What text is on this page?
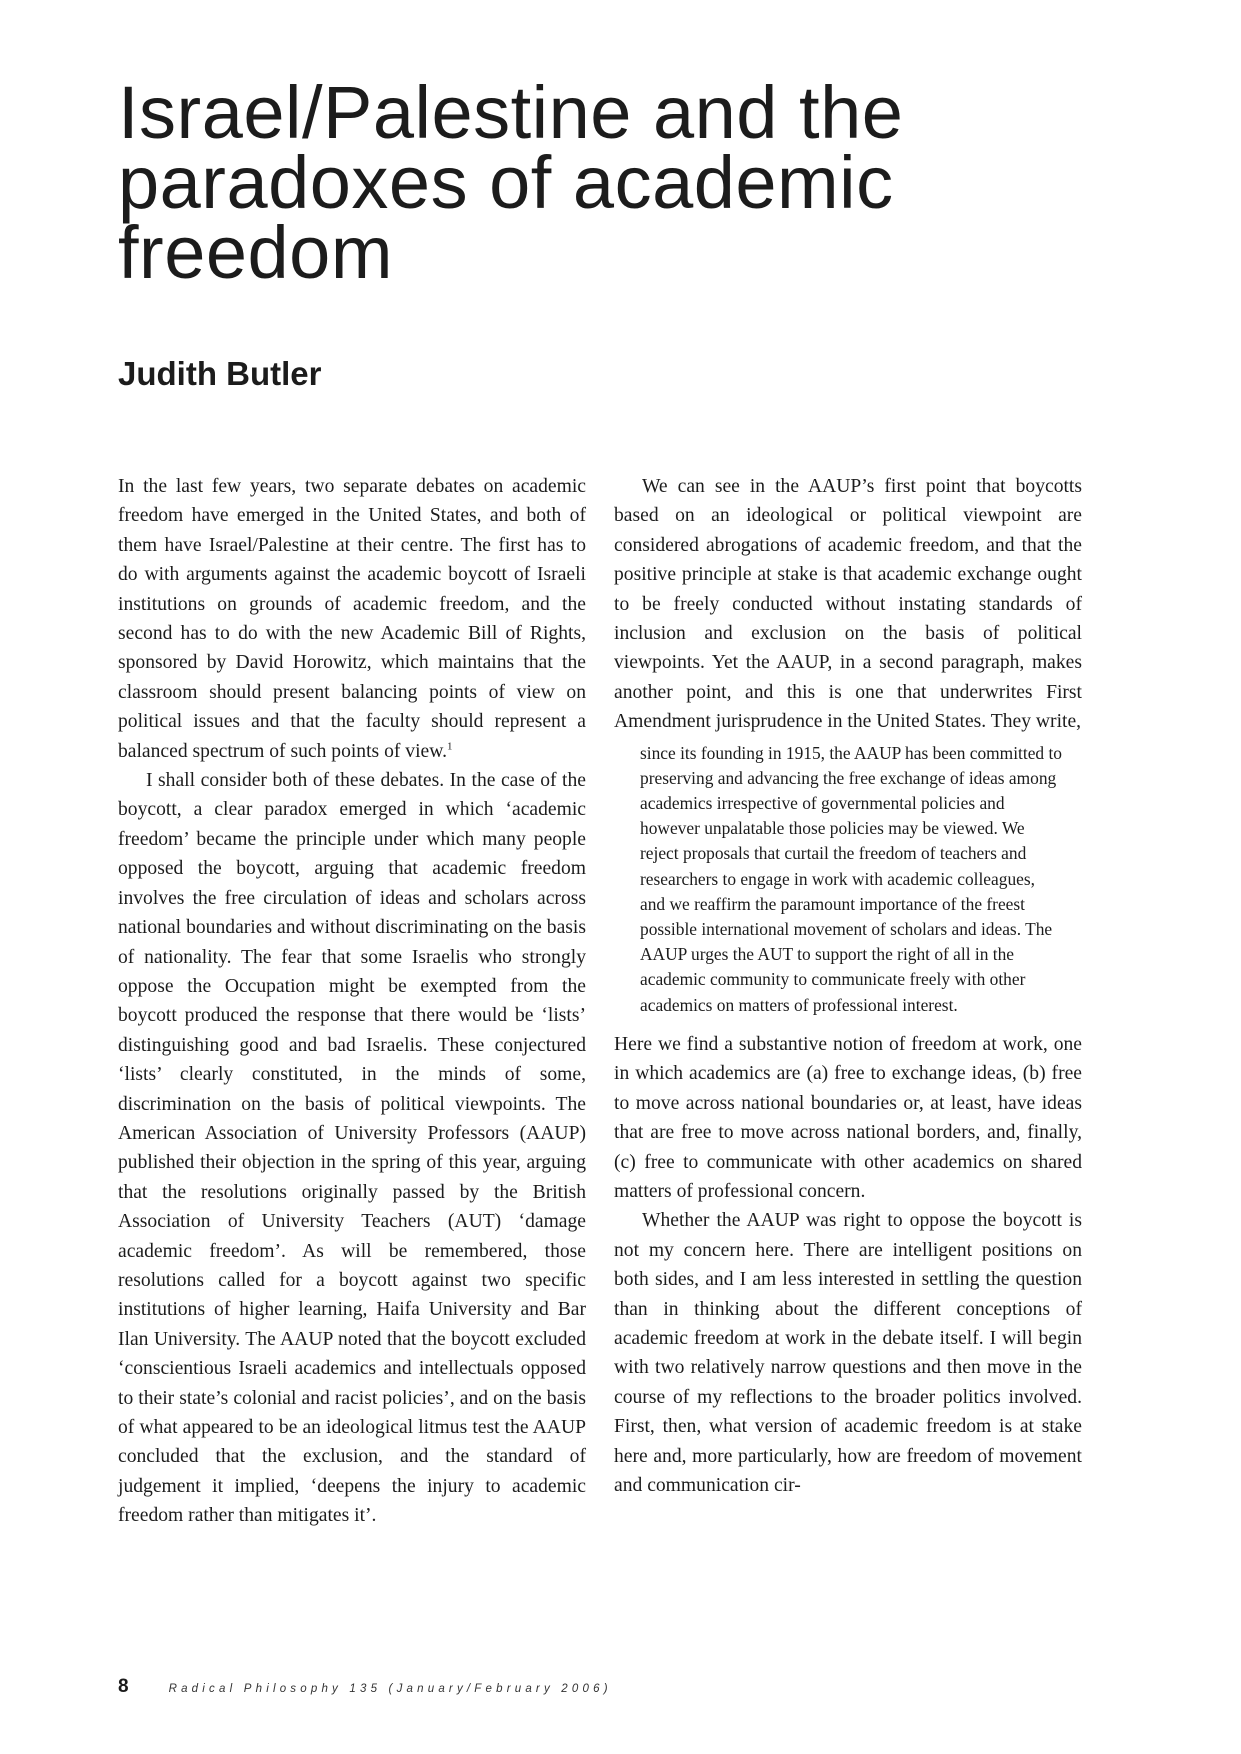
Israel/Palestine and the paradoxes of academic freedom
Judith Butler

In the last few years, two separate debates on academic freedom have emerged in the United States, and both of them have Israel/Palestine at their centre. The first has to do with arguments against the academic boycott of Israeli institutions on grounds of academic freedom, and the second has to do with the new Academic Bill of Rights, sponsored by David Horowitz, which maintains that the classroom should present balancing points of view on political issues and that the faculty should represent a balanced spectrum of such points of view.$^1$

I shall consider both of these debates. In the case of the boycott, a clear paradox emerged in which ‘academic freedom’ became the principle under which many people opposed the boycott, arguing that academic freedom involves the free circulation of ideas and scholars across national boundaries and without discriminating on the basis of nationality. The fear that some Israelis who strongly oppose the Occupation might be exempted from the boycott produced the response that there would be ‘lists’ distinguishing good and bad Israelis. These conjectured ‘lists’ clearly constituted, in the minds of some, discrimination on the basis of political viewpoints. The American Association of University Professors (AAUP) published their objection in the spring of this year, arguing that the resolutions originally passed by the British Association of University Teachers (AUT) ‘damage academic freedom’. As will be remembered, those resolutions called for a boycott against two specific institutions of higher learning, Haifa University and Bar Ilan University. The AAUP noted that the boycott excluded ‘conscientious Israeli academics and intellectuals opposed to their state’s colonial and racist policies’, and on the basis of what appeared to be an ideological litmus test the AAUP concluded that the exclusion, and the standard of judgement it implied, ‘deepens the injury to academic freedom rather than mitigates it’.

We can see in the AAUP’s first point that boycotts based on an ideological or political viewpoint are considered abrogations of academic freedom, and that the positive principle at stake is that academic exchange ought to be freely conducted without instating standards of inclusion and exclusion on the basis of political viewpoints. Yet the AAUP, in a second paragraph, makes another point, and this is one that underwrites First Amendment jurisprudence in the United States. They write,

since its founding in 1915, the AAUP has been committed to preserving and advancing the free exchange of ideas among academics irrespective of governmental policies and however unpalatable those policies may be viewed. We reject proposals that curtail the freedom of teachers and researchers to engage in work with academic colleagues, and we reaffirm the paramount importance of the freest possible international movement of scholars and ideas. The AAUP urges the AUT to support the right of all in the academic community to communicate freely with other academics on matters of professional interest.

Here we find a substantive notion of freedom at work, one in which academics are (a) free to exchange ideas, (b) free to move across national boundaries or, at least, have ideas that are free to move across national borders, and, finally, (c) free to communicate with other academics on shared matters of professional concern.

Whether the AAUP was right to oppose the boycott is not my concern here. There are intelligent positions on both sides, and I am less interested in settling the question than in thinking about the different conceptions of academic freedom at work in the debate itself. I will begin with two relatively narrow questions and then move in the course of my reflections to the broader politics involved. First, then, what version of academic freedom is at stake here and, more particularly, how are freedom of movement and communication cir-

8	Radical Philosophy 135 (January/February 2006)
